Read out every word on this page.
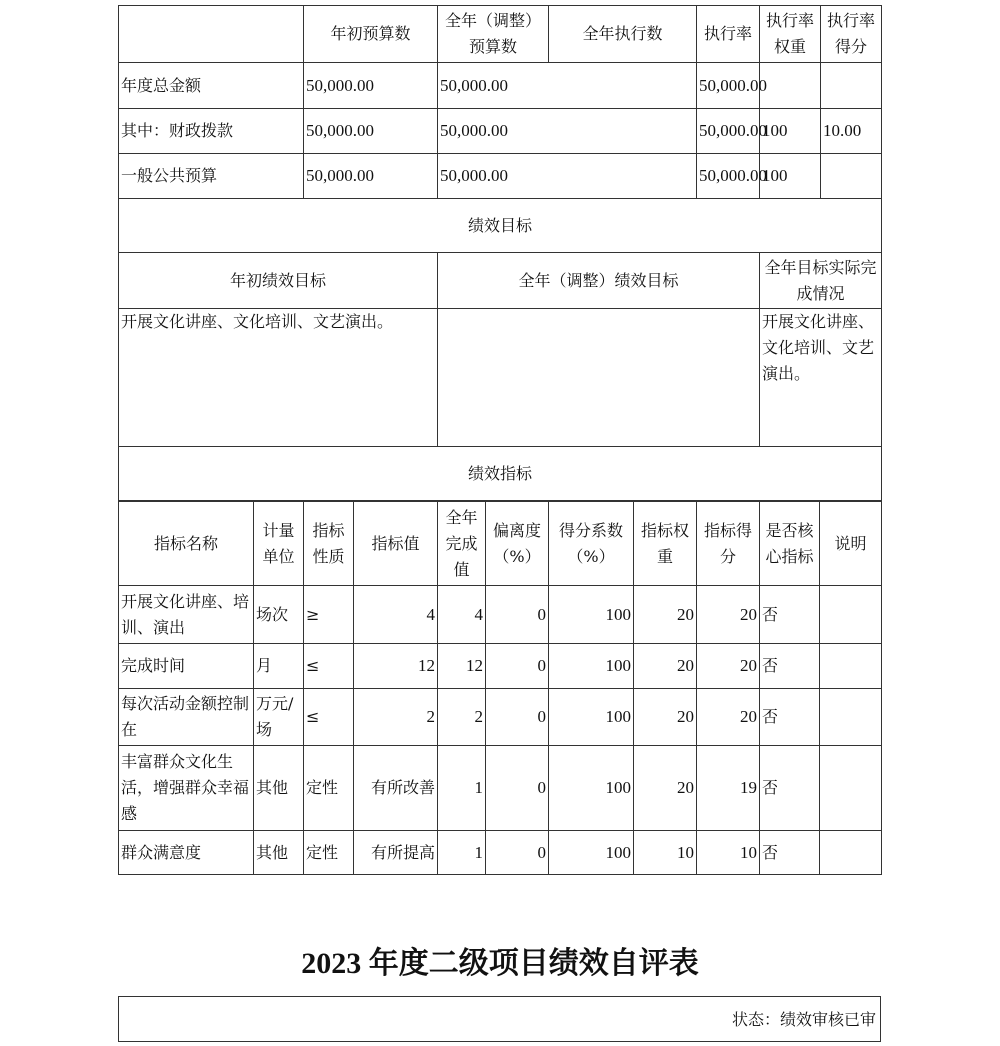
	年初预算数	全年（调整）预算数	全年执行数	执行率	执行率权重	执行率得分	
年度总金额	50,000.00	50,000.00		50,000.00			
其中：财政拨款	50,000.00	50,000.00		50,000.00	100	10.00	
一般公共预算	50,000.00	50,000.00		50,000.00	100		
绩效目标							
年初绩效目标		全年（调整）绩效目标			全年目标实际完成情况		
开展文化讲座、文化培训、文艺演出。					开展文化讲座、文化培训、文艺演出。		
绩效指标							
指标名称	计量单位	指标性质	指标值	全年完成值	偏离度（%）	得分系数（%）	指标权重	指标得分	是否核心指标	说明
开展文化讲座、培训、演出	场次	≥	4	4	0	100	20	20	否	
完成时间	月	≤	12	12	0	100	20	20	否	
每次活动金额控制在	万元/场	≤	2	2	0	100	20	20	否	
丰富群众文化生活，增强群众幸福感	其他	定性	有所改善	1	0	100	20	19	否	
群众满意度	其他	定性	有所提高	1	0	100	10	10	否	
2023 年度二级项目绩效自评表
状态：绩效审核已审
